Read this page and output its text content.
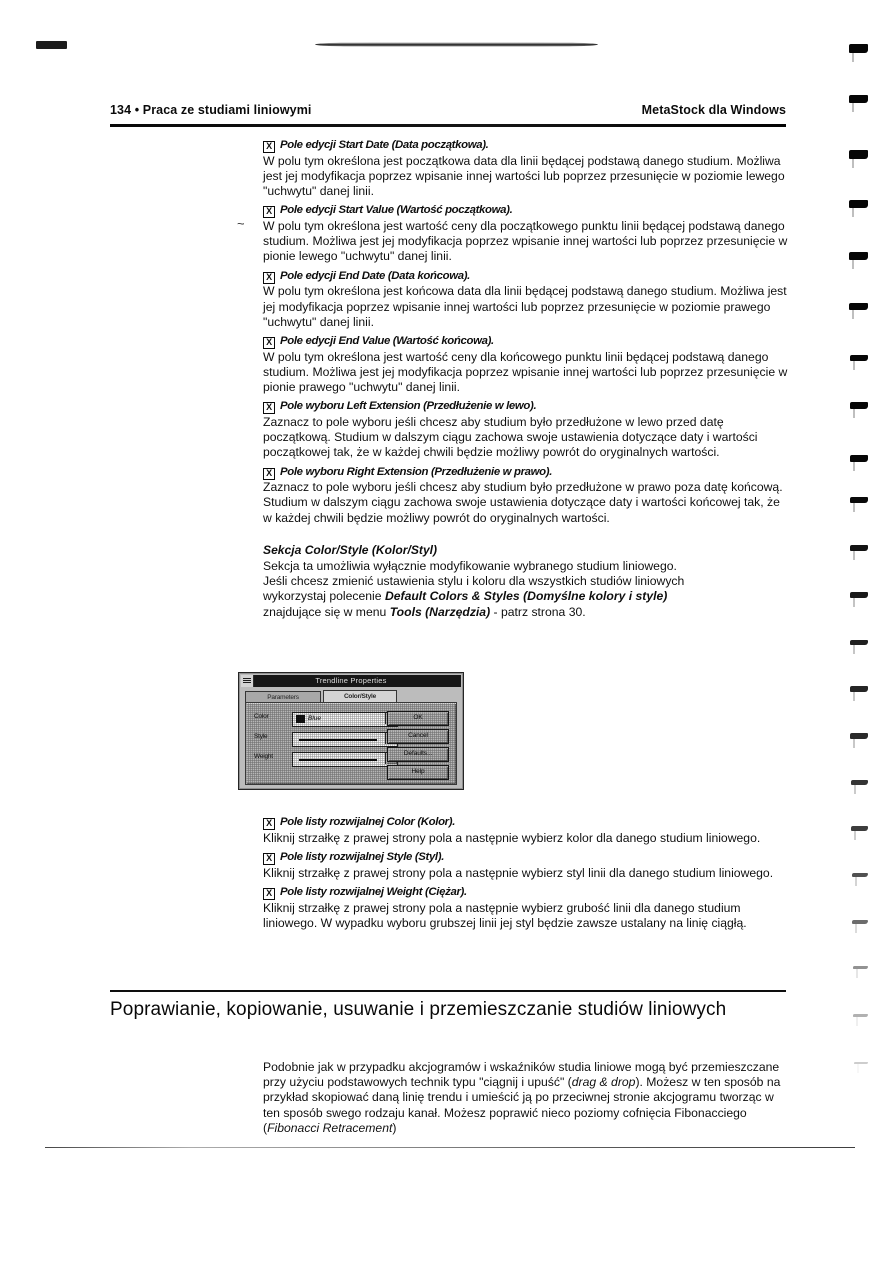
134 • Praca ze studiami liniowymi	MetaStock dla Windows
X Pole edycji Start Date (Data początkowa).
W polu tym określona jest początkowa data dla linii będącej podstawą danego studium. Możliwa jest jej modyfikacja poprzez wpisanie innej wartości lub poprzez przesunięcie w poziomie lewego "uchwytu" danej linii.
X Pole edycji Start Value (Wartość początkowa).
W polu tym określona jest wartość ceny dla początkowego punktu linii będącej podstawą danego studium. Możliwa jest jej modyfikacja poprzez wpisanie innej wartości lub poprzez przesunięcie w pionie lewego "uchwytu" danej linii.
X Pole edycji End Date (Data końcowa).
W polu tym określona jest końcowa data dla linii będącej podstawą danego studium. Możliwa jest jej modyfikacja poprzez wpisanie innej wartości lub poprzez przesunięcie w poziomie prawego "uchwytu" danej linii.
X Pole edycji End Value (Wartość końcowa).
W polu tym określona jest wartość ceny dla końcowego punktu linii będącej podstawą danego studium. Możliwa jest jej modyfikacja poprzez wpisanie innej wartości lub poprzez przesunięcie w pionie prawego "uchwytu" danej linii.
X Pole wyboru Left Extension (Przedłużenie w lewo).
Zaznacz to pole wyboru jeśli chcesz aby studium było przedłużone w lewo przed datę początkową. Studium w dalszym ciągu zachowa swoje ustawienia dotyczące daty i wartości początkowej tak, że w każdej chwili będzie możliwy powrót do oryginalnych wartości.
X Pole wyboru Right Extension (Przedłużenie w prawo).
Zaznacz to pole wyboru jeśli chcesz aby studium było przedłużone w prawo poza datę końcową. Studium w dalszym ciągu zachowa swoje ustawienia dotyczące daty i wartości końcowej tak, że w każdej chwili będzie możliwy powrót do oryginalnych wartości.
Sekcja Color/Style (Kolor/Styl)
Sekcja ta umożliwia wyłącznie modyfikowanie wybranego studium liniowego.
Jeśli chcesz zmienić ustawienia stylu i koloru dla wszystkich studiów liniowych
wykorzystaj polecenie Default Colors & Styles (Domyślne kolory i style)
znajdujące się w menu Tools (Narzędzia) - patrz strona 30.
~
Trendline Properties
Parameters	Color/Style
Color	Blue
Style
Weight
OK
Cancel
Defaults...
Help
X Pole listy rozwijalnej Color (Kolor).
Kliknij strzałkę z prawej strony pola a następnie wybierz kolor dla danego studium liniowego.
X Pole listy rozwijalnej Style (Styl).
Kliknij strzałkę z prawej strony pola a następnie wybierz styl linii dla danego studium liniowego.
X Pole listy rozwijalnej Weight (Ciężar).
Kliknij strzałkę z prawej strony pola a następnie wybierz grubość linii dla danego studium liniowego. W wypadku wyboru grubszej linii jej styl będzie zawsze ustalany na linię ciągłą.
Poprawianie, kopiowanie, usuwanie i przemieszczanie studiów liniowych
Podobnie jak w przypadku akcjogramów i wskaźników studia liniowe mogą być przemieszczane przy użyciu podstawowych technik typu "ciągnij i upuść" (drag & drop). Możesz w ten sposób na przykład skopiować daną linię trendu i umieścić ją po przeciwnej stronie akcjogramu tworząc w ten sposób swego rodzaju kanał. Możesz poprawić nieco poziomy cofnięcia Fibonacciego (Fibonacci Retracement)
